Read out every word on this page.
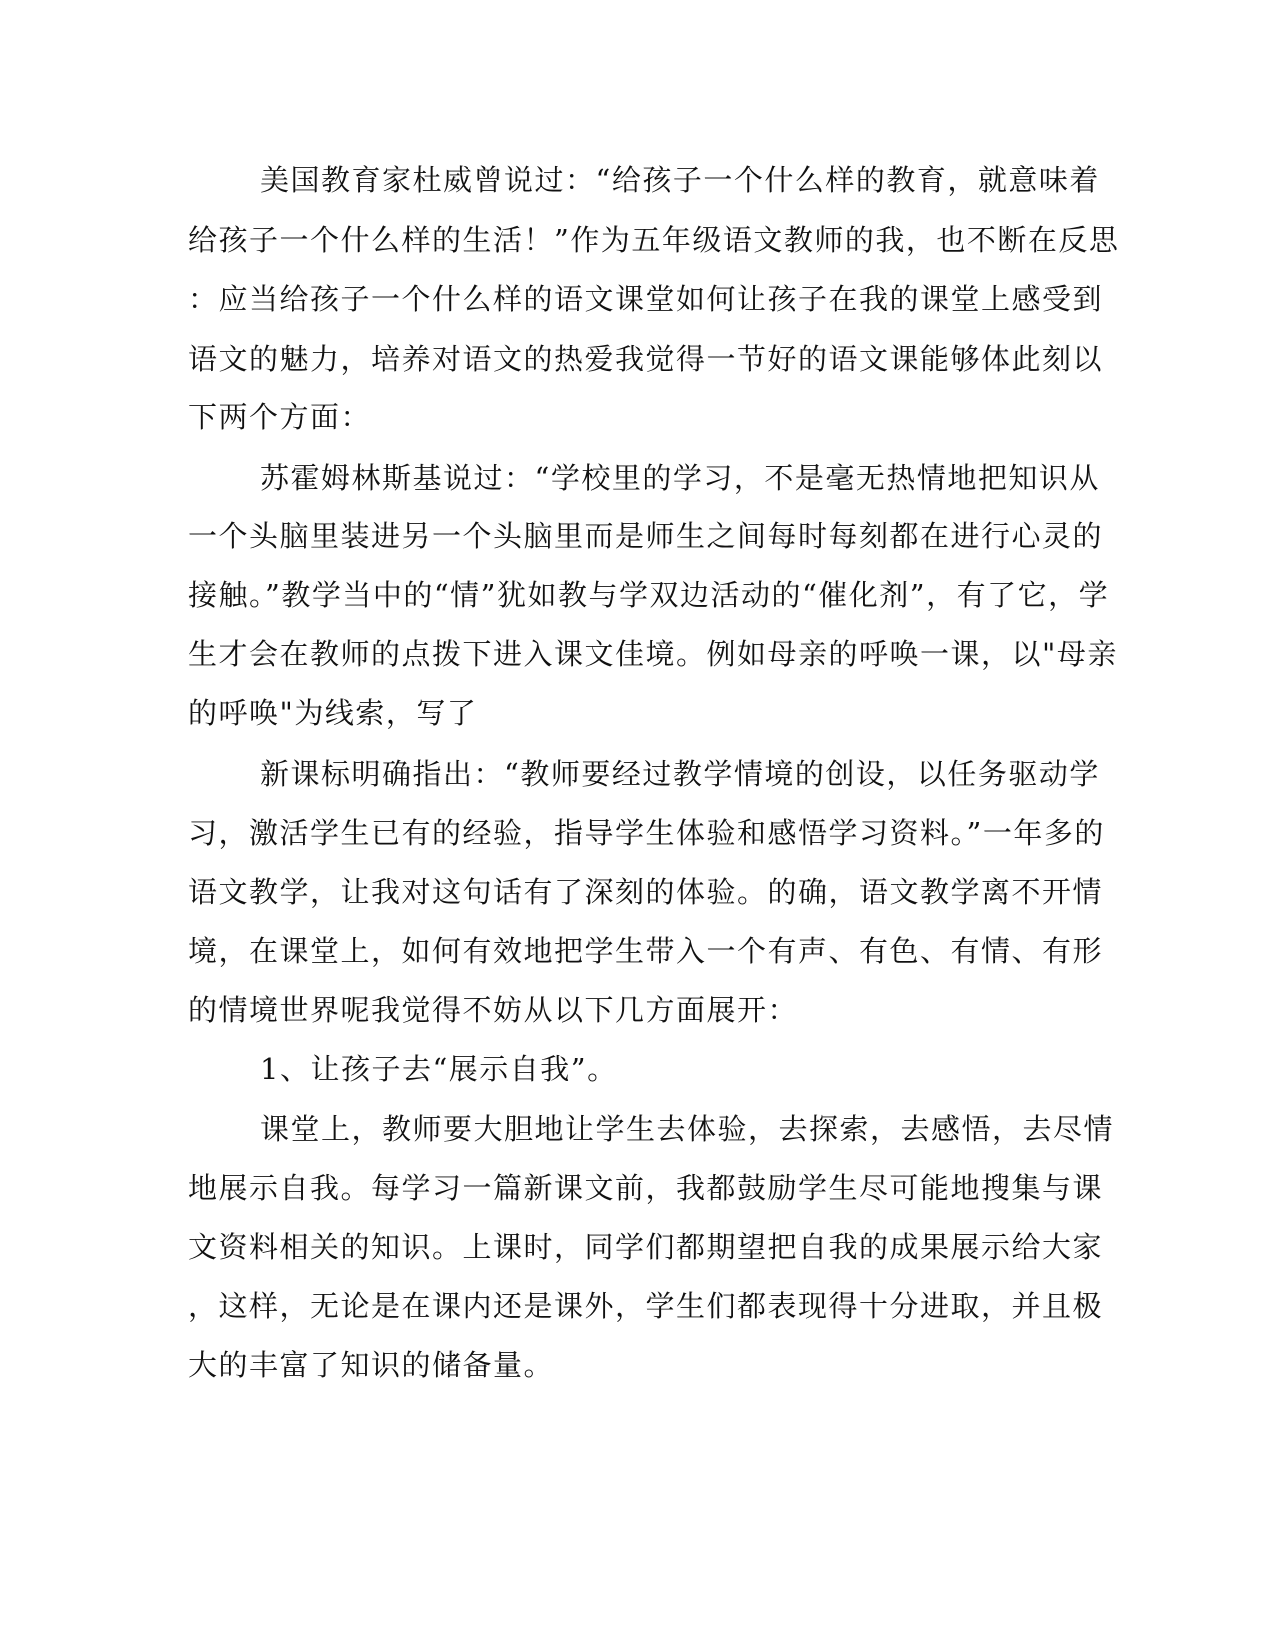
美国教育家杜威曾说过：“给孩子一个什么样的教育，就意味着

给孩子一个什么样的生活！”作为五年级语文教师的我，也不断在反思

：应当给孩子一个什么样的语文课堂如何让孩子在我的课堂上感受到

语文的魅力，培养对语文的热爱我觉得一节好的语文课能够体此刻以

下两个方面：

苏霍姆林斯基说过：“学校里的学习，不是毫无热情地把知识从

一个头脑里装进另一个头脑里而是师生之间每时每刻都在进行心灵的

接触。”教学当中的“情”犹如教与学双边活动的“催化剂”，有了它，学

生才会在教师的点拨下进入课文佳境。例如母亲的呼唤一课，以"母亲

的呼唤"为线索，写了

新课标明确指出：“教师要经过教学情境的创设，以任务驱动学

习，激活学生已有的经验，指导学生体验和感悟学习资料。”一年多的

语文教学，让我对这句话有了深刻的体验。的确，语文教学离不开情

境，在课堂上，如何有效地把学生带入一个有声、有色、有情、有形

的情境世界呢我觉得不妨从以下几方面展开：

1、让孩子去“展示自我”。

课堂上，教师要大胆地让学生去体验，去探索，去感悟，去尽情

地展示自我。每学习一篇新课文前，我都鼓励学生尽可能地搜集与课

文资料相关的知识。上课时，同学们都期望把自我的成果展示给大家

，这样，无论是在课内还是课外，学生们都表现得十分进取，并且极

大的丰富了知识的储备量。
